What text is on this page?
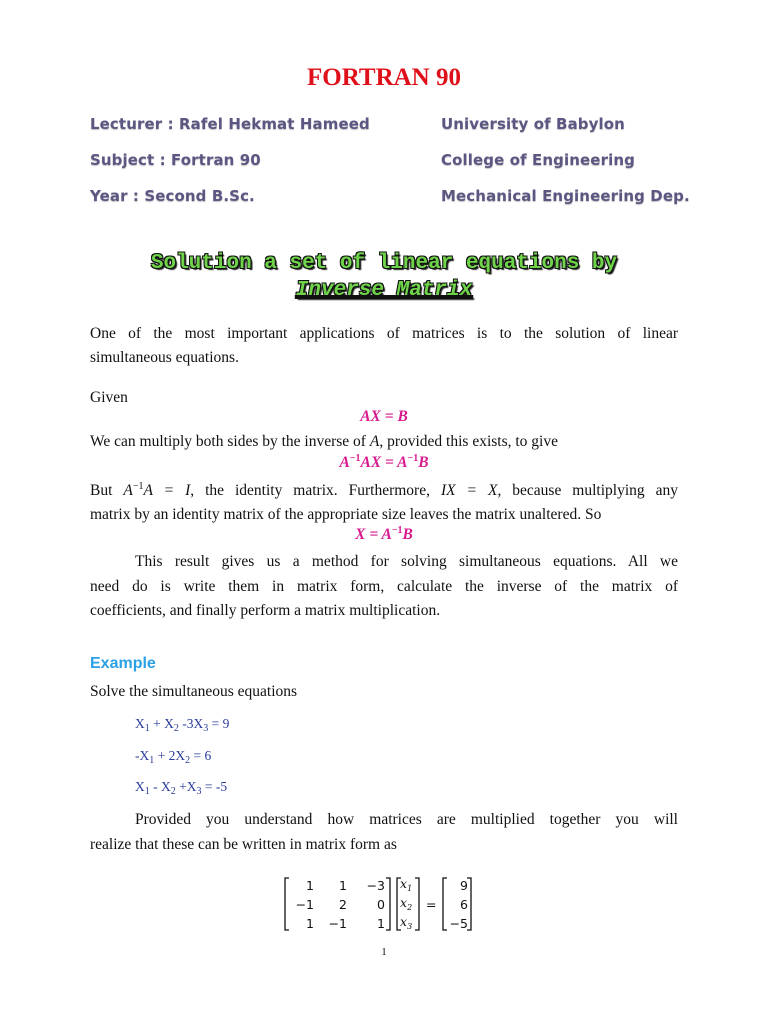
FORTRAN 90
Lecturer : Rafel Hekmat Hameed
Subject : Fortran 90
Year : Second B.Sc.
University of Babylon
College of Engineering
Mechanical Engineering Dep.
Solution a set of linear equations by
Inverse Matrix
One of the most important applications of matrices is to the solution of linear
simultaneous equations.
Given
AX = B
We can multiply both sides by the inverse of A, provided this exists, to give
$A^{-1}AX = A^{-1}B$
But $A^{-1}A = I$, the identity matrix. Furthermore, IX = X, because multiplying any
matrix by an identity matrix of the appropriate size leaves the matrix unaltered. So
$X = A^{-1}B$
This result gives us a method for solving simultaneous equations. All we
need do is write them in matrix form, calculate the inverse of the matrix of
coefficients, and finally perform a matrix multiplication.
Example
Solve the simultaneous equations
$X_1 + X_2$ $-3X_3 = 9$
$-X_1 + 2X_2 = 6$
$X_1 - X_2 +X_3 = -5$
Provided you understand how matrices are multiplied together you will
realize that these can be written in matrix form as
1 1 −3
−1 2 0
1 −1 1
$x_1$
$x_2$
$x_3$
=
9
6
−5
1
